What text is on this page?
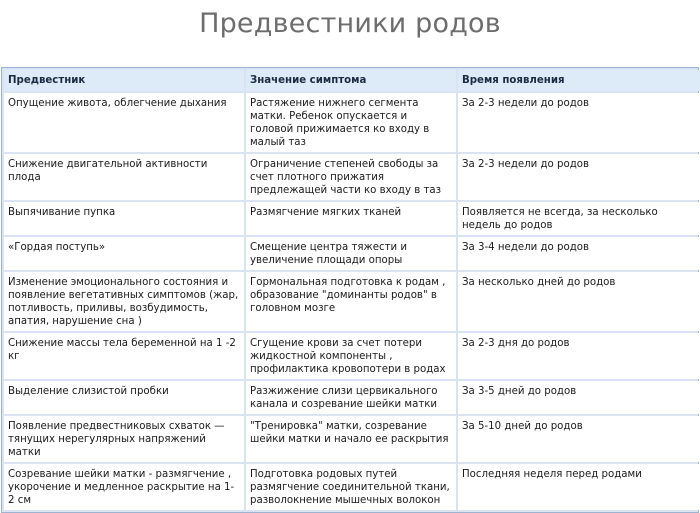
Предвестники родов
Предвестник	Значение симптома	Время появления
Опущение живота, облегчение дыхания	Растяжение нижнего сегмента матки. Ребенок опускается и головой прижимается ко входу в малый таз	За 2-3 недели до родов
Снижение двигательной активности плода	Ограничение степеней свободы за счет плотного прижатия предлежащей части ко входу в таз	За 2-3 недели до родов
Выпячивание пупка	Размягчение мягких тканей	Появляется не всегда, за несколько недель до родов
«Гордая поступь»	Смещение центра тяжести и увеличение площади опоры	За 3-4 недели до родов
Изменение эмоционального состояния и появление вегетативных симптомов (жар, потливость, приливы, возбудимость, апатия, нарушение сна )	Гормональная подготовка к родам , образование "доминанты родов" в головном мозге	За несколько дней до родов
Снижение массы тела беременной на 1 -2 кг	Сгущение крови за счет потери жидкостной компоненты , профилактика кровопотери в родах	За 2-3 дня до родов
Выделение слизистой пробки	Разжижение слизи цервикального канала и созревание шейки матки	За 3-5 дней до родов
Появление предвестниковых схваток — тянущих нерегулярных напряжений матки	"Тренировка" матки, созревание шейки матки и начало ее раскрытия	За 5-10 дней до родов
Созревание шейки матки - размягчение , укорочение и медленное раскрытие на 1-2 см	Подготовка родовых путей размягчение соединительной ткани, разволокнение мышечных волокон	Последняя неделя перед родами
